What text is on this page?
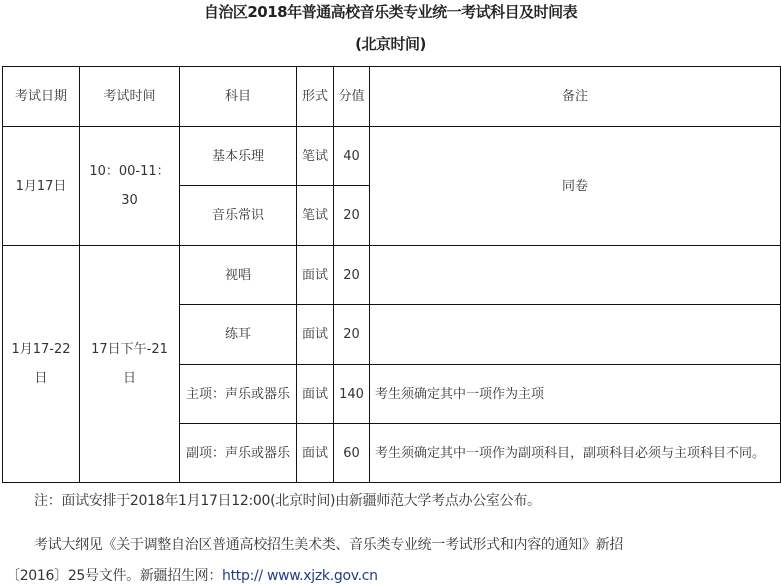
自治区2018年普通高校音乐类专业统一考试科目及时间表
(北京时间)
考试日期	考试时间	科目	形式	分值	备注
1月17日	10：00-11：30	基本乐理	笔试	40	同卷
		音乐常识	笔试	20	
1月17-22日	17日下午-21日	视唱	面试	20	
		练耳	面试	20	
		主项：声乐或器乐	面试	140	考生须确定其中一项作为主项
		副项：声乐或器乐	面试	60	考生须确定其中一项作为副项科目，副项科目必须与主项科目不同。
注：面试安排于2018年1月17日12:00(北京时间)由新疆师范大学考点办公室公布。
考试大纲见《关于调整自治区普通高校招生美术类、音乐类专业统一考试形式和内容的通知》新招
〔2016〕25号文件。新疆招生网：http:// www.xjzk.gov.cn
